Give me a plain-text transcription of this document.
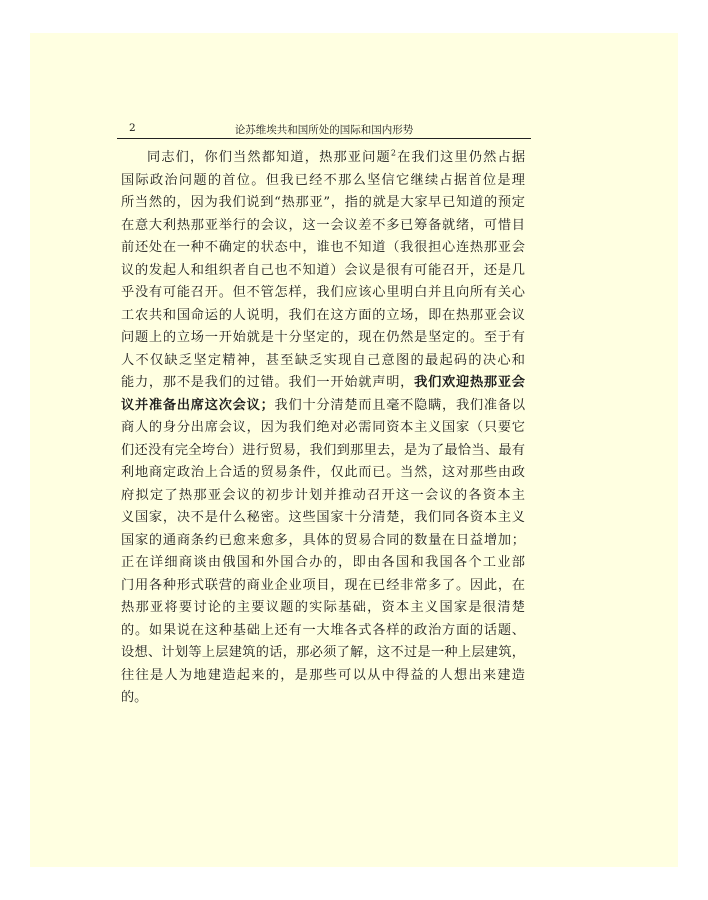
2	论苏维埃共和国所处的国际和国内形势
同志们，你们当然都知道，热那亚问题$^2$在我们这里仍然占据
国际政治问题的首位。但我已经不那么坚信它继续占据首位是理
所当然的，因为我们说到“热那亚”，指的就是大家早已知道的预定
在意大利热那亚举行的会议，这一会议差不多已筹备就绪，可惜目
前还处在一种不确定的状态中，谁也不知道（我很担心连热那亚会
议的发起人和组织者自己也不知道）会议是很有可能召开，还是几
乎没有可能召开。但不管怎样，我们应该心里明白并且向所有关心
工农共和国命运的人说明，我们在这方面的立场，即在热那亚会议
问题上的立场一开始就是十分坚定的，现在仍然是坚定的。至于有
人不仅缺乏坚定精神，甚至缺乏实现自己意图的最起码的决心和
能力，那不是我们的过错。我们一开始就声明，我们欢迎热那亚会
议并准备出席这次会议；我们十分清楚而且毫不隐瞒，我们准备以
商人的身分出席会议，因为我们绝对必需同资本主义国家（只要它
们还没有完全垮台）进行贸易，我们到那里去，是为了最恰当、最有
利地商定政治上合适的贸易条件，仅此而已。当然，这对那些由政
府拟定了热那亚会议的初步计划并推动召开这一会议的各资本主
义国家，决不是什么秘密。这些国家十分清楚，我们同各资本主义
国家的通商条约已愈来愈多，具体的贸易合同的数量在日益增加；
正在详细商谈由俄国和外国合办的，即由各国和我国各个工业部
门用各种形式联营的商业企业项目，现在已经非常多了。因此，在
热那亚将要讨论的主要议题的实际基础，资本主义国家是很清楚
的。如果说在这种基础上还有一大堆各式各样的政治方面的话题、
设想、计划等上层建筑的话，那必须了解，这不过是一种上层建筑，
往往是人为地建造起来的，是那些可以从中得益的人想出来建造
的。
